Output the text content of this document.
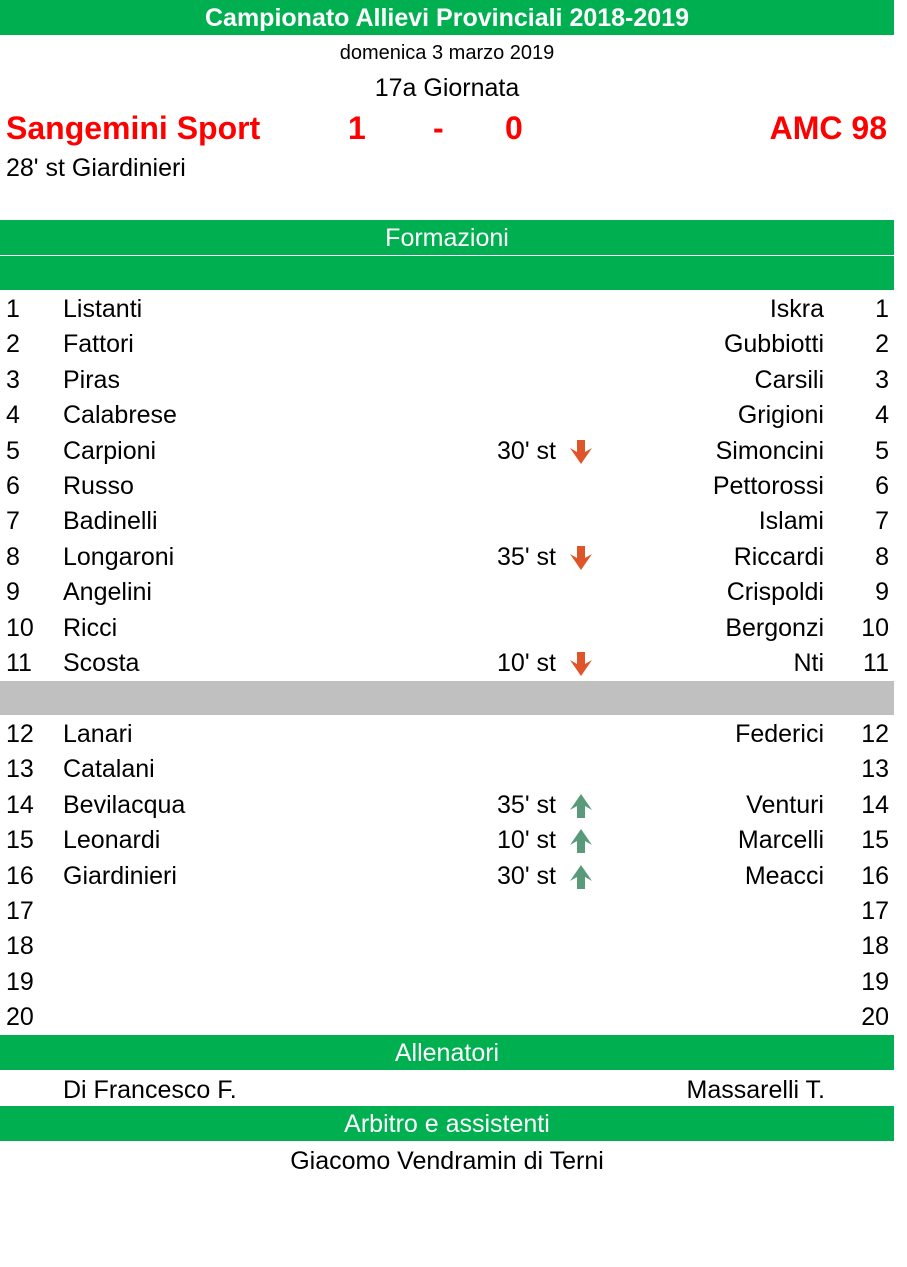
Campionato Allievi Provinciali 2018-2019
domenica 3 marzo 2019
17a Giornata
Sangemini Sport	1 - 0	AMC 98
28' st Giardinieri
Formazioni
1 Listanti	Iskra 1
2 Fattori	Gubbiotti 2
3 Piras	Carsili 3
4 Calabrese	Grigioni 4
5 Carpioni	30' st	Simoncini 5
6 Russo	Pettorossi 6
7 Badinelli	Islami 7
8 Longaroni	35' st	Riccardi 8
9 Angelini	Crispoldi 9
10 Ricci	Bergonzi 10
11 Scosta	10' st	Nti 11
12 Lanari	Federici 12
13 Catalani	13
14 Bevilacqua	35' st	Venturi 14
15 Leonardi	10' st	Marcelli 15
16 Giardinieri	30' st	Meacci 16
17	17
18	18
19	19
20	20
Allenatori
Di Francesco F.	Massarelli T.
Arbitro e assistenti
Giacomo Vendramin di Terni
